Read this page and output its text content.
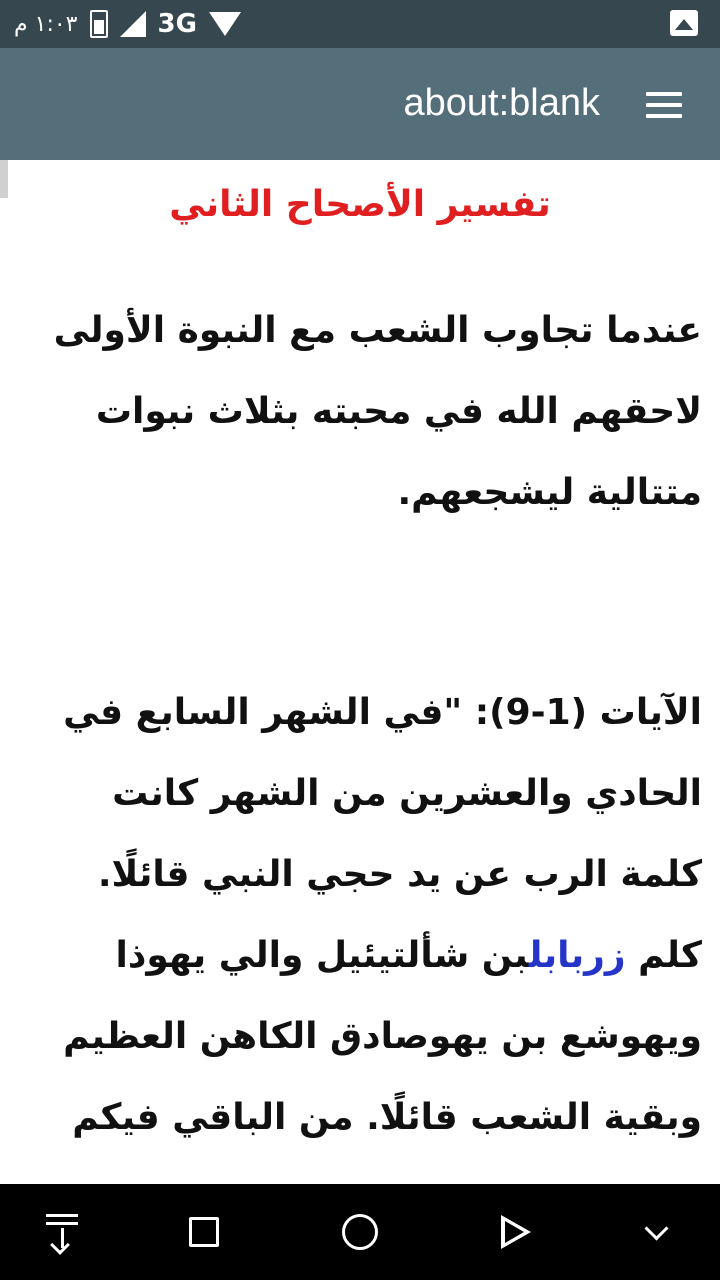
١:٠٣ م	3G
about:blank
تفسير الأصحاح الثاني
عندما تجاوب الشعب مع النبوة الأولى لاحقهم الله في محبته بثلاث نبوات متتالية ليشجعهم.
الآيات (1-9): "في الشهر السابع في الحادي والعشرين من الشهر كانت كلمة الرب عن يد حجي النبي قائلًا.
كلم زربابلبن شألتيئيل والي يهوذا ويهوشع بن يهوصادق الكاهن العظيم وبقية الشعب قائلًا. من الباقي فيكم
